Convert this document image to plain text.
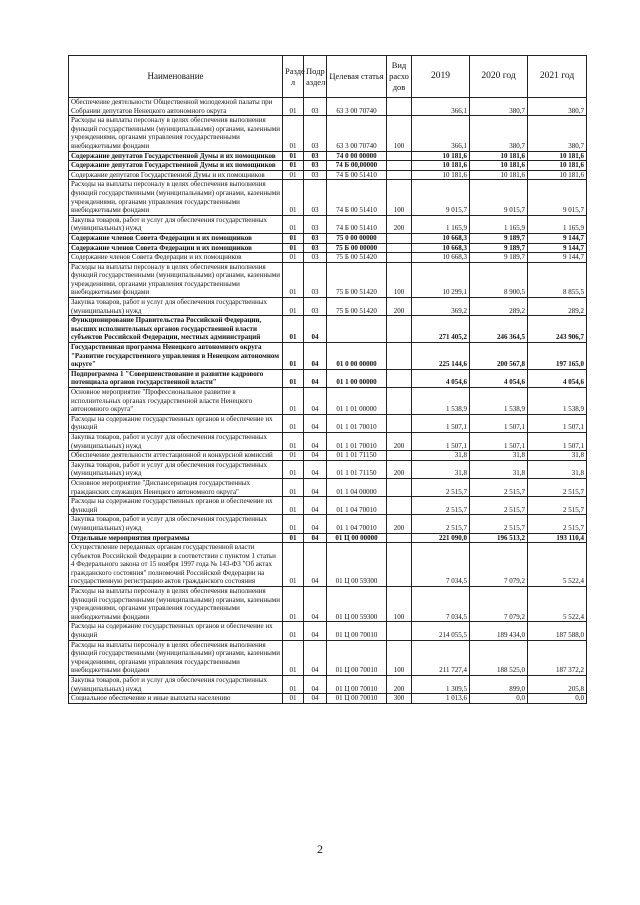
Наименование	Разде л	Подр аздел	Целевая статья	Вид расхо дов	2019	2020 год	2021 год
Обеспечение деятельности Общественной молодежной палаты при Собрании депутатов Ненецкого автономного округа	01	03	63 3 00 70740		366,1	380,7	380,7
Расходы на выплаты персоналу в целях обеспечения выполнения функций государственными (муниципальными) органами, казенными учреждениями, органами управления государственными внебюджетными фондами	01	03	63 3 00 70740	100	366,1	380,7	380,7
Содержание депутатов Государственной Думы и их помощников	01	03	74 0 00 00000		10 181,6	10 181,6	10 181,6
Содержание депутатов Государственной Думы и их помощников	01	03	74 Б 00,00000		10 181,6	10 181,6	10 181,6
Содержание депутатов Государственной Думы и их помощников	01	03	74 Б 00 51410		10 181,6	10 181,6	10 181,6
Расходы на выплаты персоналу в целях обеспечения выполнения функций государственными (муниципальными) органами, казенными учреждениями, органами управления государственными внебюджетными фондами	01	03	74 Б 00 51410	100	9 015,7	9 015,7	9 015,7
Закупка товаров, работ и услуг для обеспечения государственных (муниципальных) нужд	01	03	74 Б 00 51410	200	1 165,9	1 165,9	1 165,9
Содержание членов Совета Федерации и их помощников	01	03	75 0 00 00000		10 668,3	9 189,7	9 144,7
Содержание членов Совета Федерации и их помощников	01	03	75 Б 00 00000		10 668,3	9 189,7	9 144,7
Содержание членов Совета Федерации и их помощников	01	03	75 Б 00 51420		10 668,3	9 189,7	9 144,7
Расходы на выплаты персоналу в целях обеспечения выполнения функций государственными (муниципальными) органами, казенными учреждениями, органами управления государственными внебюджетными фондами	01	03	75 Б 00 51420	100	10 299,1	8 900,5	8 855,5
Закупка товаров, работ и услуг для обеспечения государственных (муниципальных) нужд	01	03	75 Б 00 51420	200	369,2	289,2	289,2
Функционирование Правительства Российской Федерации, высших исполнительных органов государственной власти субъектов Российской Федерации, местных администраций	01	04			271 405,2	246 364,5	243 906,7
Государственная программа Ненецкого автономного округа "Развитие государственного управления в Ненецком автономном округе"	01	04	01 0 00 00000		225 144,6	200 567,8	197 165,0
Подпрограмма 1 "Совершенствование и развитие кадрового потенциала органов государственной власти"	01	04	01 1 00 00000		4 054,6	4 054,6	4 054,6
Основное мероприятие "Профессиональное развитие в исполнительных органах государственной власти Ненецкого автономного округа"	01	04	01 1 01 00000		1 538,9	1 538,9	1 538,9
Расходы на содержание государственных органов и обеспечение их функций	01	04	01 1 01 70010		1 507,1	1 507,1	1 507,1
Закупка товаров, работ и услуг для обеспечения государственных (муниципальных) нужд	01	04	01 1 01 70010	200	1 507,1	1 507,1	1 507,1
Обеспечение деятельности аттестационной и конкурсной комиссий	01	04	01 1 01 71150		31,8	31,8	31,8
Закупка товаров, работ и услуг для обеспечения государственных (муниципальных) нужд	01	04	01 1 01 71150	200	31,8	31,8	31,8
Основное мероприятие "Диспансеризация государственных гражданских служащих Ненецкого автономного округа"	01	04	01 1 04 00000		2 515,7	2 515,7	2 515,7
Расходы на содержание государственных органов и обеспечение их функций	01	04	01 1 04 70010		2 515,7	2 515,7	2 515,7
Закупка товаров, работ и услуг для обеспечения государственных (муниципальных) нужд	01	04	01 1 04 70010	200	2 515,7	2 515,7	2 515,7
Отдельные мероприятия программы	01	04	01 Ц 00 00000		221 090,0	196 513,2	193 110,4
Осуществление переданных органам государственной власти субъектов Российской Федерации в соответствии с пунктом 1 статьи 4 Федерального закона от 15 ноября 1997 года № 143-ФЗ "Об актах гражданского состояния" полномочий Российской Федерации на государственную регистрацию актов гражданского состояния	01	04	01 Ц 00 59300		7 034,5	7 079,2	5 522,4
Расходы на выплаты персоналу в целях обеспечения выполнения функций государственными (муниципальными) органами, казенными учреждениями, органами управления государственными внебюджетными фондами	01	04	01 Ц 00 59300	100	7 034,5	7 079,2	5 522,4
Расходы на содержание государственных органов и обеспечение их функций	01	04	01 Ц 00 70010		214 055,5	189 434,0	187 588,0
Расходы на выплаты персоналу в целях обеспечения выполнения функций государственными (муниципальными) органами, казенными учреждениями, органами управления государственными внебюджетными фондами	01	04	01 Ц 00 70010	100	211 727,4	188 525,0	187 372,2
Закупка товаров, работ и услуг для обеспечения государственных (муниципальных) нужд	01	04	01 Ц 00 70010	200	1 309,5	899,0	205,8
Социальное обеспечение и иные выплаты населению	01	04	01 Ц 00 70010	300	1 013,6	0,0	0,0
2
